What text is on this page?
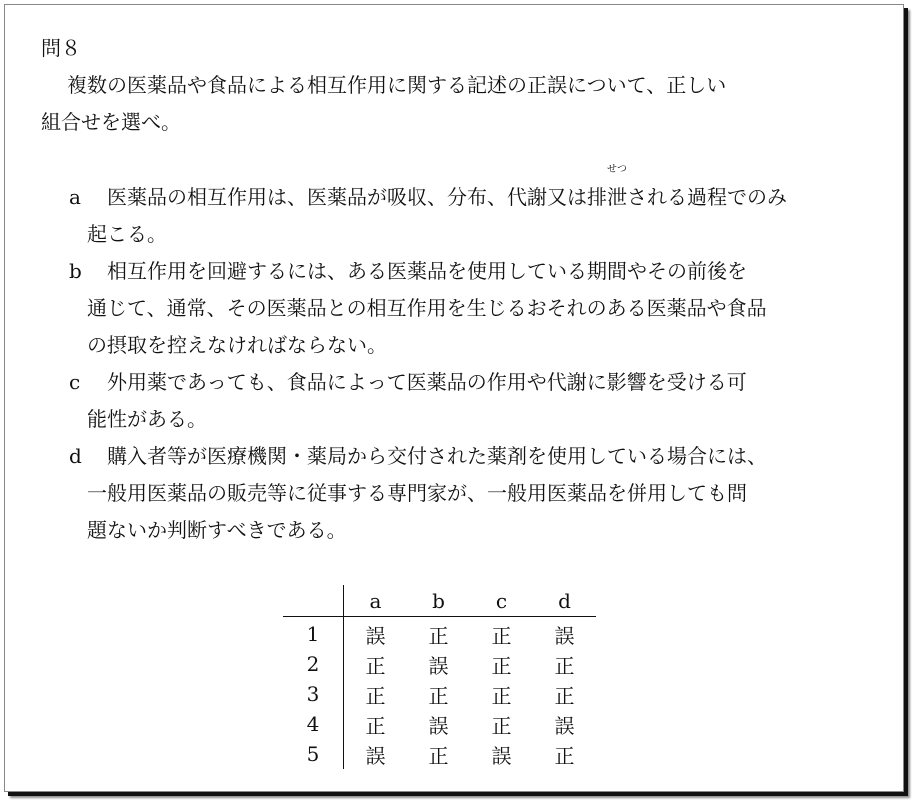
問８
複数の医薬品や食品による相互作用に関する記述の正誤について、正しい
組合せを選べ。
a	医薬品の相互作用は、医薬品が吸収、分布、代謝又は排
せつ
泄される過程でのみ
起こる。
b	相互作用を回避するには、ある医薬品を使用している期間やその前後を
通じて、通常、その医薬品との相互作用を生じるおそれのある医薬品や食品
の摂取を控えなければならない。
c	外用薬であっても、食品によって医薬品の作用や代謝に影響を受ける可
能性がある。
d	購入者等が医療機関・薬局から交付された薬剤を使用している場合には、
一般用医薬品の販売等に従事する専門家が、一般用医薬品を併用しても問
題ないか判断すべきである。
	a	b	c	d
1	誤	正	正	誤
2	正	誤	正	正
3	正	正	正	正
4	正	誤	正	誤
5	誤	正	誤	正
